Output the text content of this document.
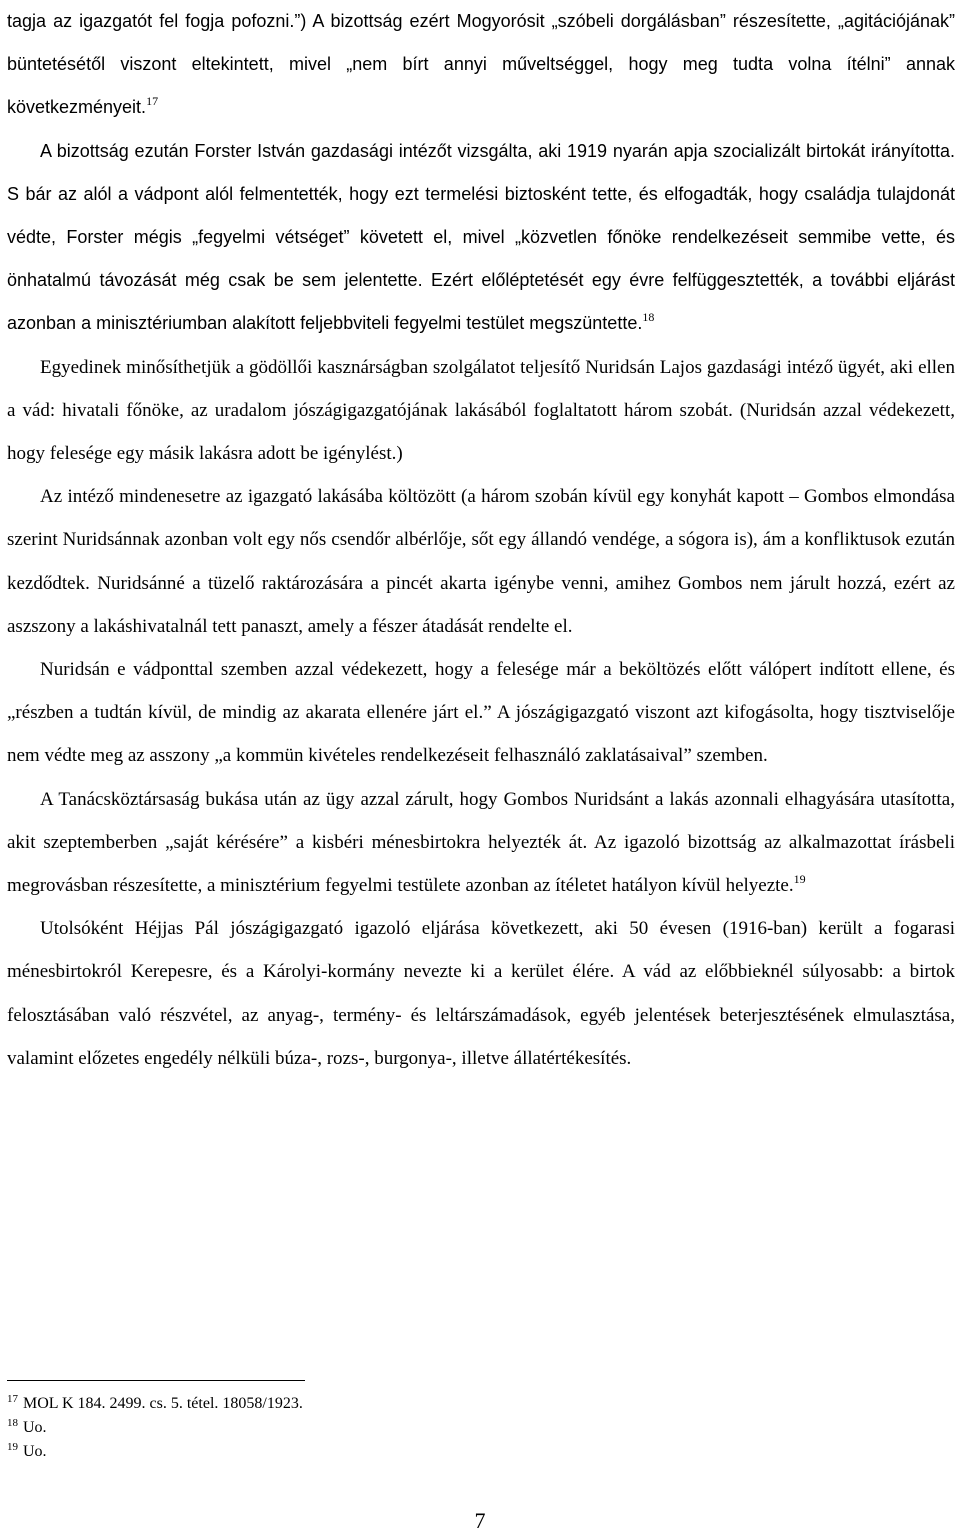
tagja az igazgatót fel fogja pofozni.”) A bizottság ezért Mogyorósit „szóbeli dorgálásban” részesítette, „agitációjának” büntetésétől viszont eltekintett, mivel „nem bírt annyi műveltséggel, hogy meg tudta volna ítélni” annak következményeit.$^{17}$

A bizottság ezután Forster István gazdasági intézőt vizsgálta, aki 1919 nyarán apja szocializált birtokát irányította. S bár az alól a vádpont alól felmentették, hogy ezt termelési biztosként tette, és elfogadták, hogy családja tulajdonát védte, Forster mégis „fegyelmi vétséget” követett el, mivel „közvetlen főnöke rendelkezéseit semmibe vette, és önhatalmú távozását még csak be sem jelentette. Ezért előléptetését egy évre felfüggesztették, a további eljárást azonban a minisztériumban alakított feljebbviteli fegyelmi testület megszüntette.$^{18}$

Egyedinek minősíthetjük a gödöllői kasznárságban szolgálatot teljesítő Nuridsán Lajos gazdasági intéző ügyét, aki ellen a vád: hivatali főnöke, az uradalom jószágigazgatójának lakásából foglaltatott három szobát. (Nuridsán azzal védekezett, hogy felesége egy másik lakásra adott be igénylést.)

Az intéző mindenesetre az igazgató lakásába költözött (a három szobán kívül egy konyhát kapott – Gombos elmondása szerint Nuridsánnak azonban volt egy nős csendőr albérlője, sőt egy állandó vendége, a sógora is), ám a konfliktusok ezután kezdődtek. Nuridsánné a tüzelő raktározására a pincét akarta igénybe venni, amihez Gombos nem járult hozzá, ezért az aszszony a lakáshivatalnál tett panaszt, amely a fészer átadását rendelte el.

Nuridsán e vádponttal szemben azzal védekezett, hogy a felesége már a beköltözés előtt válópert indított ellene, és „részben a tudtán kívül, de mindig az akarata ellenére járt el.” A jószágigazgató viszont azt kifogásolta, hogy tisztviselője nem védte meg az asszony „a kommün kivételes rendelkezéseit felhasználó zaklatásaival” szemben.

A Tanácsköztársaság bukása után az ügy azzal zárult, hogy Gombos Nuridsánt a lakás azonnali elhagyására utasította, akit szeptemberben „saját kérésére” a kisbéri ménesbirtokra helyezték át. Az igazoló bizottság az alkalmazottat írásbeli megrovásban részesítette, a minisztérium fegyelmi testülete azonban az ítéletet hatályon kívül helyezte.$^{19}$

Utolsóként Héjjas Pál jószágigazgató igazoló eljárása következett, aki 50 évesen (1916-ban) került a fogarasi ménesbirtokról Kerepesre, és a Károlyi-kormány nevezte ki a kerület élére. A vád az előbbieknél súlyosabb: a birtok felosztásában való részvétel, az anyag-, termény- és leltárszámadások, egyéb jelentések beterjesztésének elmulasztása, valamint előzetes engedély nélküli búza-, rozs-, burgonya-, illetve állatértékesítés.

$^{17}$ MOL K 184. 2499. cs. 5. tétel. 18058/1923.
$^{18}$ Uo.
$^{19}$ Uo.
7
